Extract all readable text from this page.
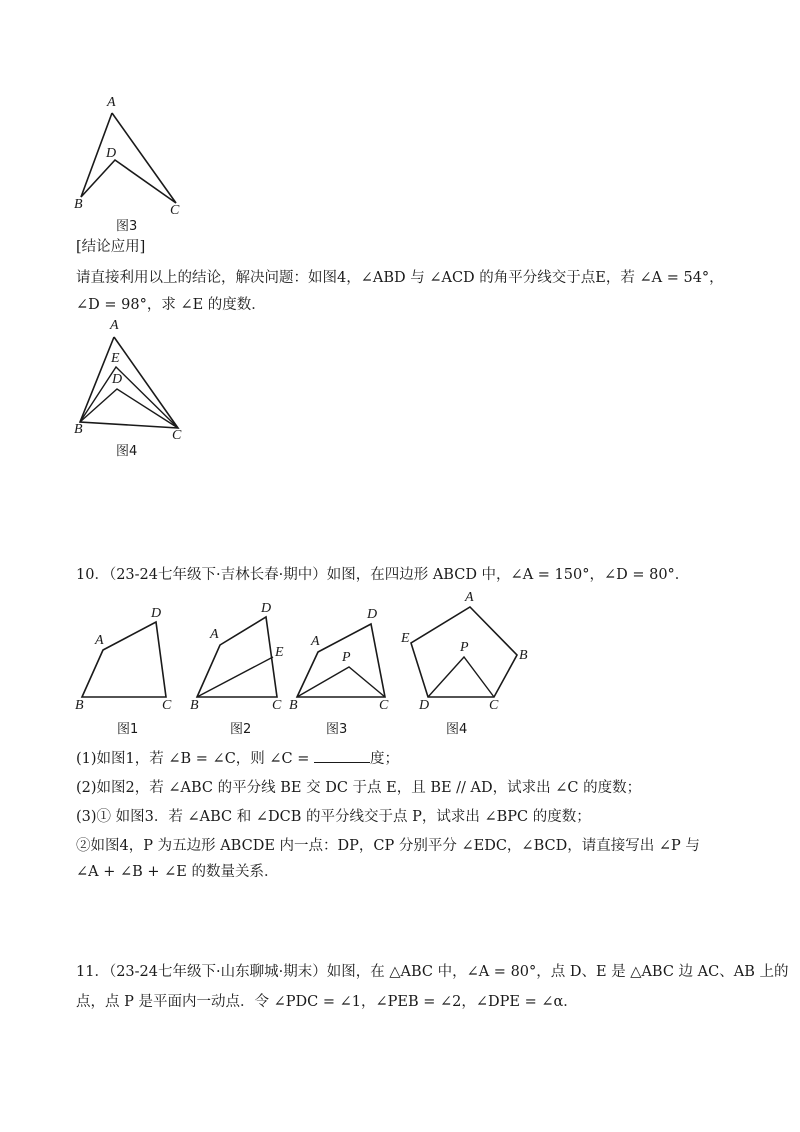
A
D
B	C
图3
[结论应用]
请直接利用以上的结论，解决问题：如图4，∠ABD 与 ∠ACD 的角平分线交于点E，若 ∠A = 54°，
∠D = 98°，求 ∠E 的度数．
A
E
D
B	C
图4
10．（23-24七年级下·吉林长春·期中）如图，在四边形 ABCD 中，∠A = 150°，∠D = 80°．
A
B	C
D
图1
A
B	C
D
E
图2
A
B	C
D
P
图3
A
B
C
D
E
P
图4
(1)如图1，若 ∠B = ∠C，则 ∠C =	度；
(2)如图2，若 ∠ABC 的平分线 BE 交 DC 于点 E，且 BE // AD，试求出 ∠C 的度数；
(3)① 如图3．若 ∠ABC 和 ∠DCB 的平分线交于点 P，试求出 ∠BPC 的度数；
②如图4，P 为五边形 ABCDE 内一点：DP，CP 分别平分 ∠EDC，∠BCD，请直接写出 ∠P 与
∠A + ∠B + ∠E 的数量关系．
11．（23-24七年级下·山东聊城·期末）如图，在 △ABC 中，∠A = 80°，点 D、E 是 △ABC 边 AC、AB 上的
点，点 P 是平面内一动点．令 ∠PDC = ∠1，∠PEB = ∠2，∠DPE = ∠α．
